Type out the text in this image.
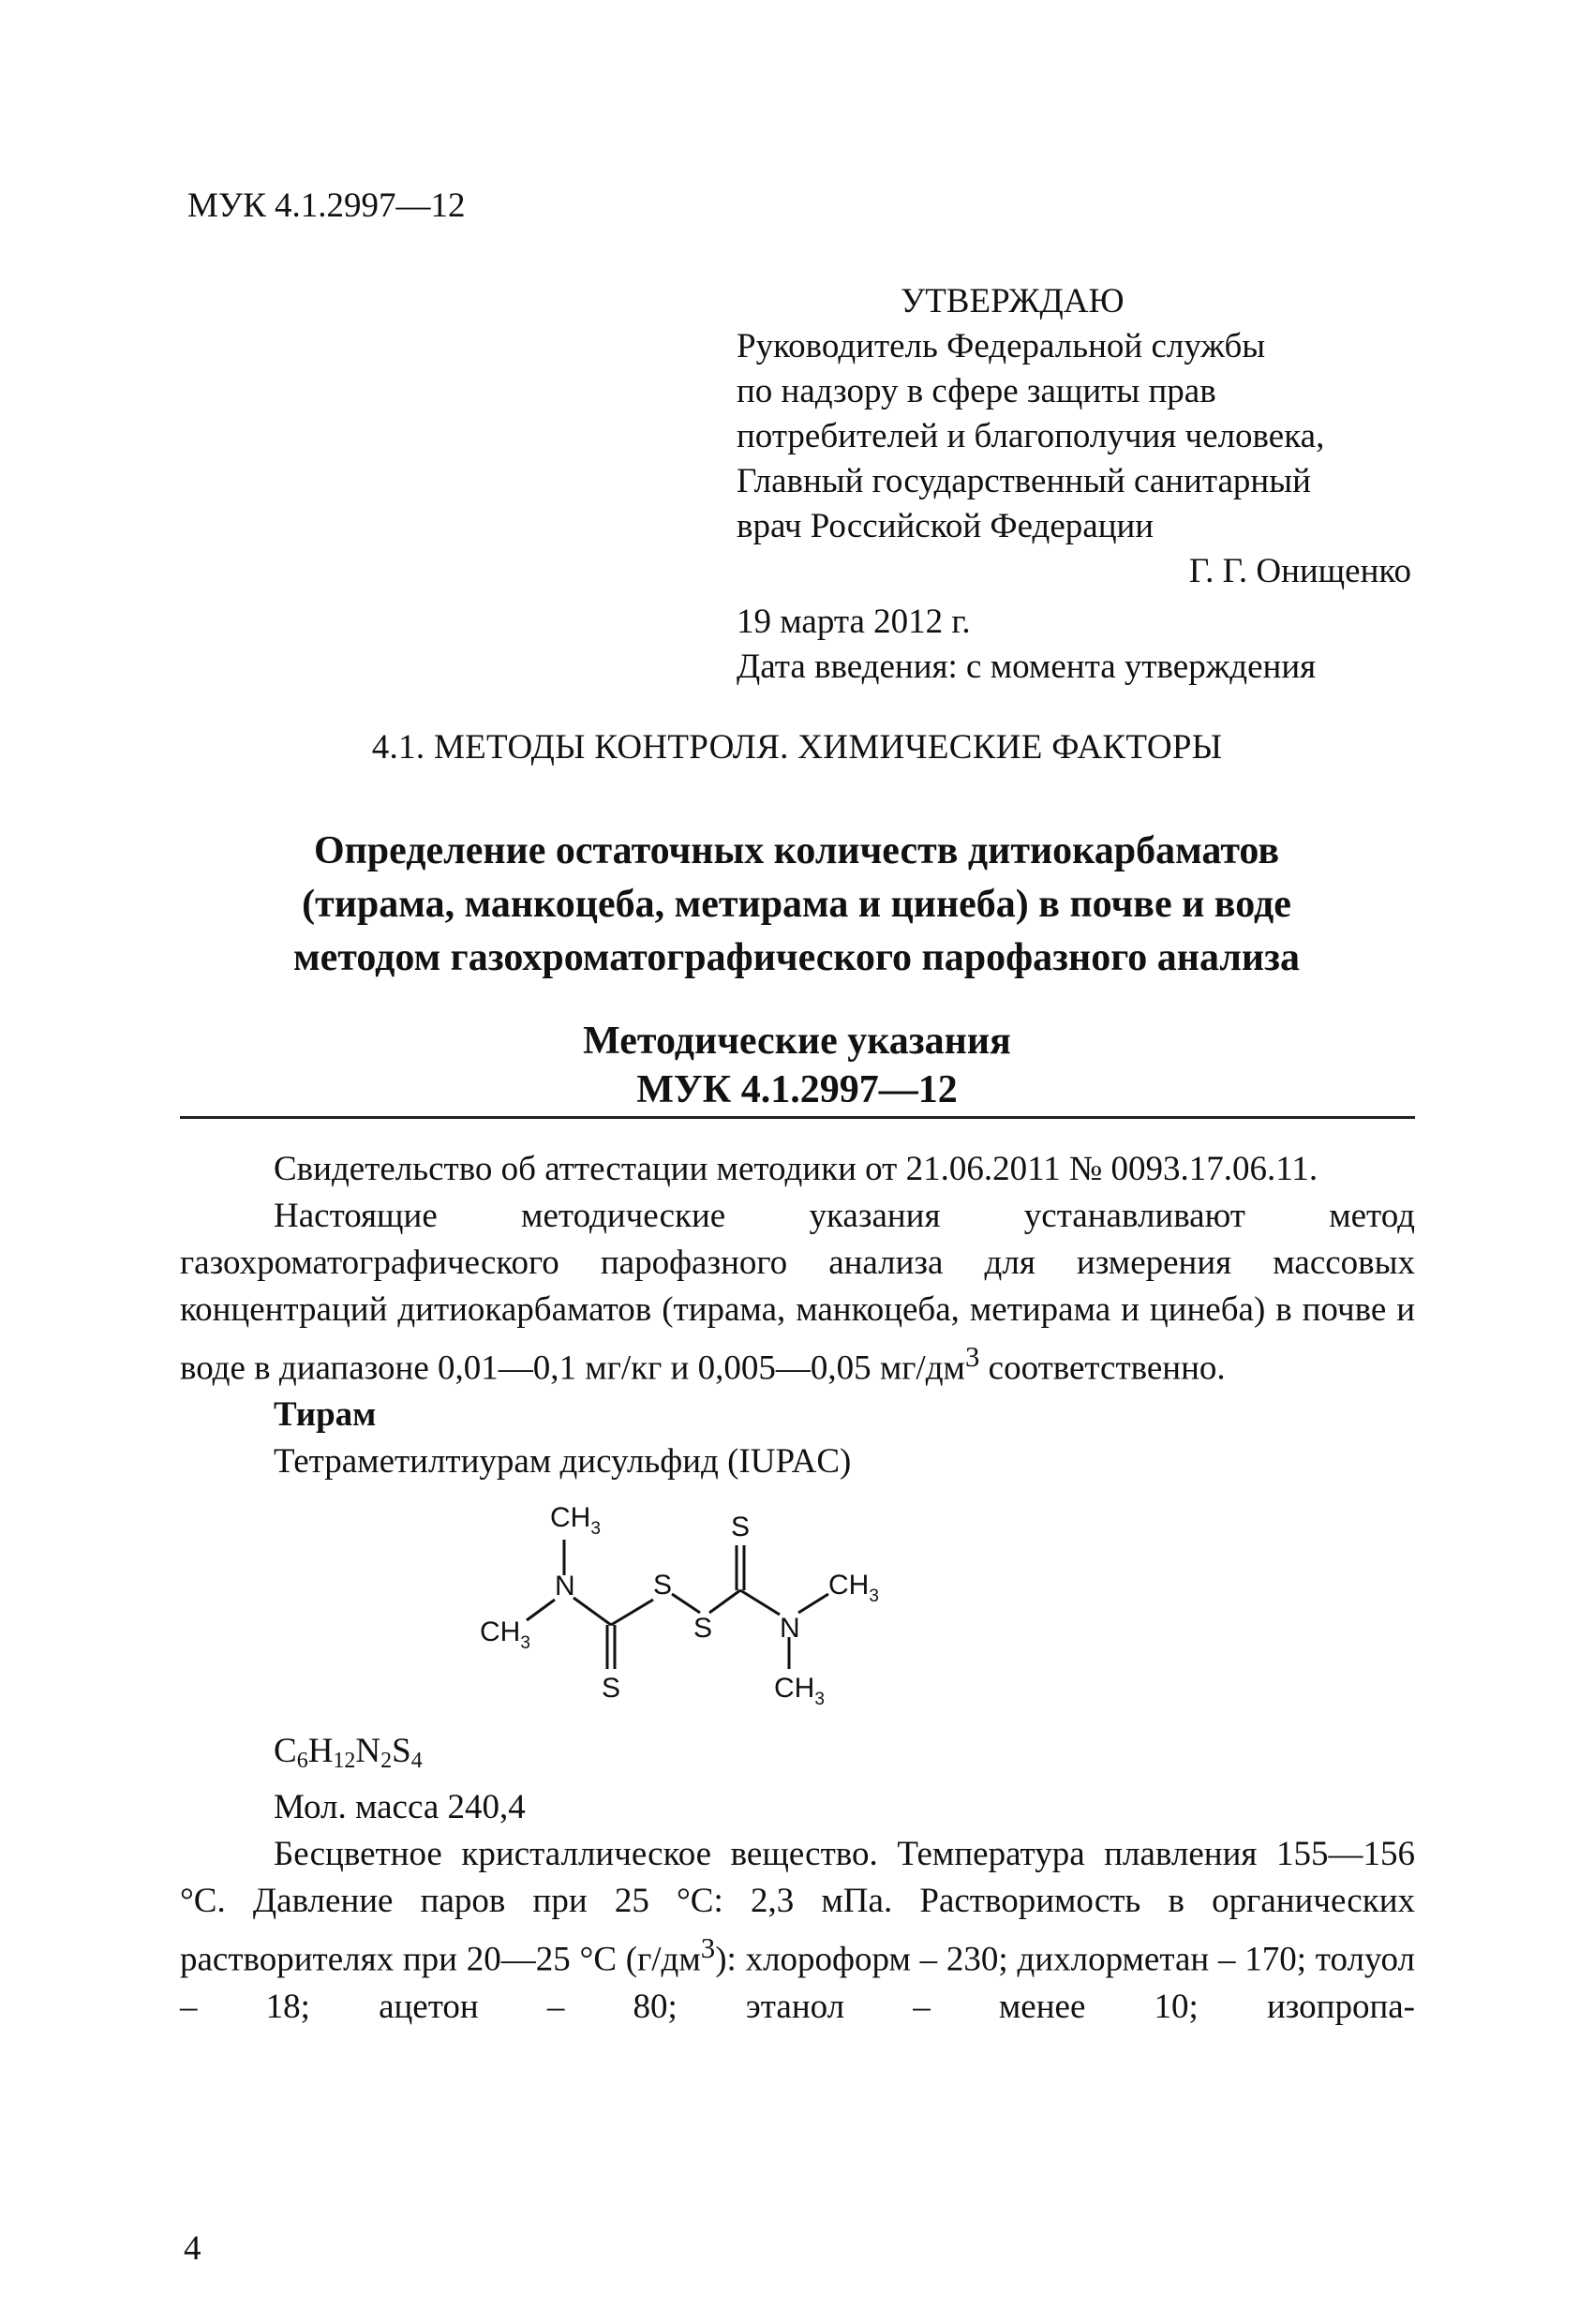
МУК 4.1.2997—12
УТВЕРЖДАЮ
Руководитель Федеральной службы
по надзору в сфере защиты прав
потребителей и благополучия человека,
Главный государственный санитарный
врач Российской Федерации
Г. Г. Онищенко
19 марта 2012 г.
Дата введения: с момента утверждения
4.1. МЕТОДЫ КОНТРОЛЯ. ХИМИЧЕСКИЕ ФАКТОРЫ
Определение остаточных количеств дитиокарбаматов
(тирама, манкоцеба, метирама и цинеба) в почве и воде
методом газохроматографического парофазного анализа
Методические указания
МУК 4.1.2997—12

Свидетельство об аттестации методики от 21.06.2011 № 0093.17.06.11.

Настоящие методические указания устанавливают метод газохроматографического парофазного анализа для измерения массовых концентраций дитиокарбаматов (тирама, манкоцеба, метирама и цинеба) в почве и воде в диапазоне 0,01—0,1 мг/кг и 0,005—0,05 $мг/дм^3$ соответственно.

Тирам
Тетраметилтиурам дисульфид (IUPAC)
$CH_3$
N
$CH_3$
S
S
S
S
N
$CH_3$
$CH_3$
$C_6H_{12}N_2S_4$
Мол. масса 240,4

Бесцветное кристаллическое вещество. Температура плавления 155—156 °C. Давление паров при 25 °C: 2,3 мПа. Растворимость в органических растворителях при 20—25 °C $(г/дм^3)$: хлороформ – 230; дихлорметан – 170; толуол – 18; ацетон – 80; этанол – менее 10; изопропа-

4
